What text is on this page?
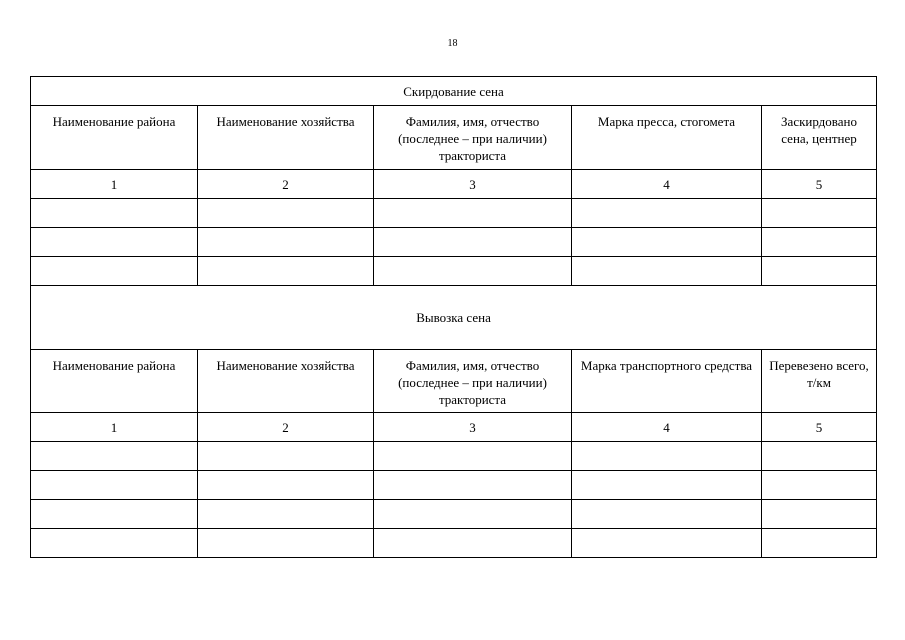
18
Скирдование сена				
Наименование района	Наименование хозяйства	Фамилия, имя, отчество (последнее – при наличии) тракториста	Марка пресса, стогомета	Заскирдовано сена, центнер
1	2	3	4	5

Вывозка сена				
Наименование района	Наименование хозяйства	Фамилия, имя, отчество (последнее – при наличии) тракториста	Марка транспортного средства	Перевезено всего, т/км
1	2	3	4	5
